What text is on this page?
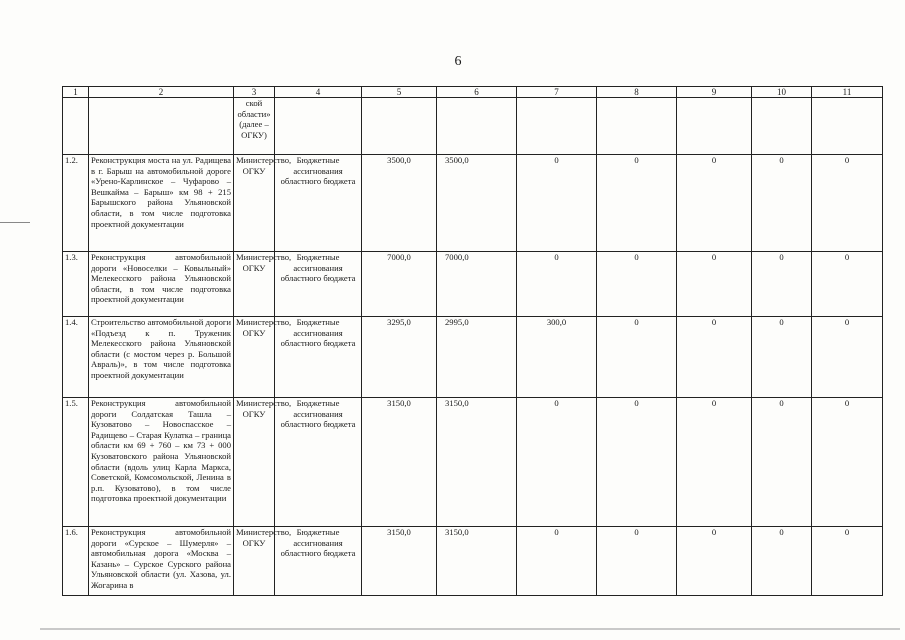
6
1	2	3	4	5	6	7	8	9	10	11
		ской области» (далее – ОГКУ)								
1.2.	Реконструкция моста на ул. Радищева в г. Барыш на автомобильной дороге «Уренo-Карлинское – Чуфарово – Вешкайма – Барыш» км 98 + 215 Барышского района Ульяновской области, в том числе подготовка проектной документации	Министерство, ОГКУ	Бюджетные ассигнования областного бюджета	3500,0	3500,0	0	0	0	0	0
1.3.	Реконструкция автомобильной дороги «Новоселки – Ковыльный» Мелекесского района Ульяновской области, в том числе подготовка проектной документации	Министерство, ОГКУ	Бюджетные ассигнования областного бюджета	7000,0	7000,0	0	0	0	0	0
1.4.	Строительство автомобильной дороги «Подъезд к п. Труженик Мелекесского района Ульяновской области (с мостом через р. Большой Авраль)», в том числе подготовка проектной документации	Министерство, ОГКУ	Бюджетные ассигнования областного бюджета	3295,0	2995,0	300,0	0	0	0	0
1.5.	Реконструкция автомобильной дороги Солдатская Ташла – Кузоватово – Новоспасское – Радищево – Старая Кулатка – граница области км 69 + 760 – км 73 + 000 Кузоватовского района Ульяновской области (вдоль улиц Карла Маркса, Советской, Комсомольской, Ленина в р.п. Кузоватово), в том числе подготовка проектной документации	Министерство, ОГКУ	Бюджетные ассигнования областного бюджета	3150,0	3150,0	0	0	0	0	0
1.6.	Реконструкция автомобильной дороги «Сурское – Шумерля» – автомобильная дорога «Москва – Казань» – Сурское Сурского района Ульяновской области (ул. Хазова, ул. Жогарина в	Министерство, ОГКУ	Бюджетные ассигнования областного бюджета	3150,0	3150,0	0	0	0	0	0
